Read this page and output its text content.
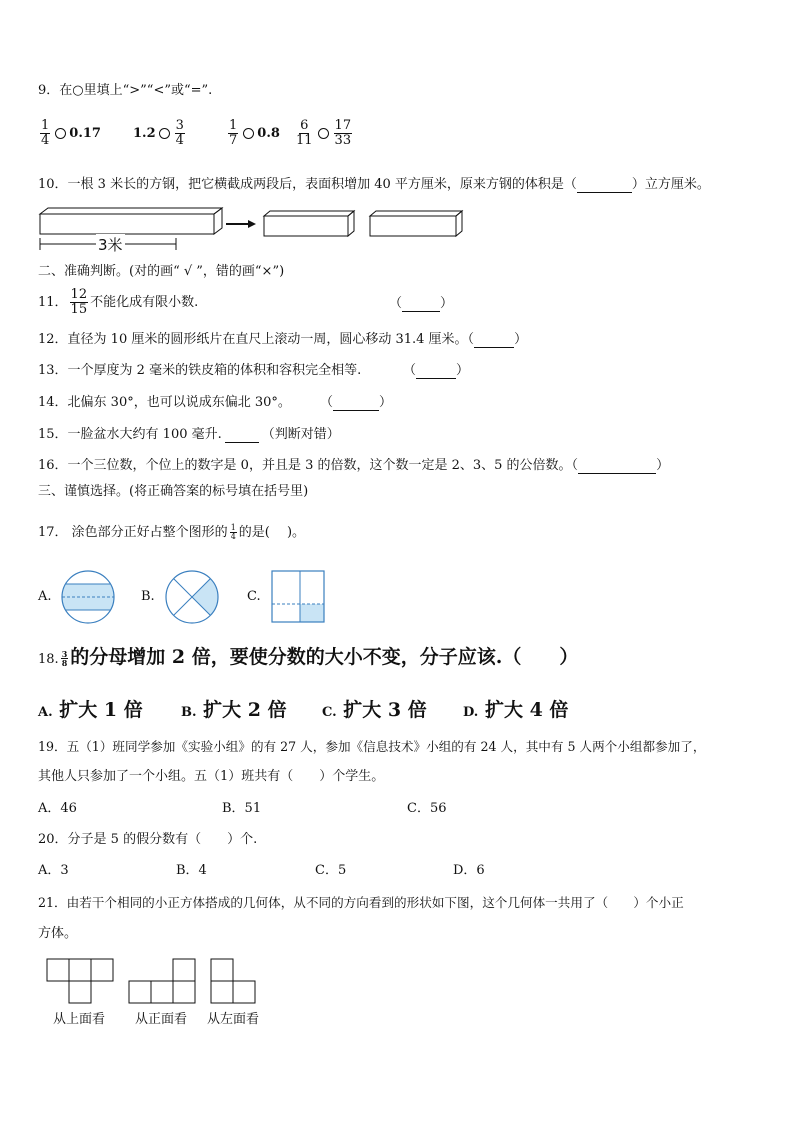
9．在○里填上“>”“<”或“=”.
$\frac{1}{4} 0.17$ $1.2 \frac{3}{4}$	$\frac{1}{7} 0.8 \frac{6}{11} \frac{17}{33}$
10．一根 3 米长的方钢，把它横截成两段后，表面积增加 40 平方厘米，原来方钢的体积是（	）立方厘米。
3米
二、准确判断。(对的画“ √ ”，错的画“×”)
11． $\frac{12}{15}$ 不能化成有限小数.	（	）
12．直径为 10 厘米的圆形纸片在直尺上滚动一周，圆心移动 31.4 厘米。（	）
13．一个厚度为 2 毫米的铁皮箱的体积和容积完全相等.	（	）
14．北偏东 30°，也可以说成东偏北 30°。 （	）
15．一脸盆水大约有 100 毫升.	（判断对错）
16．一个三位数，个位上的数字是 0，并且是 3 的倍数，这个数一定是 2、3、5 的公倍数。（	）
三、谨慎选择。(将正确答案的标号填在括号里)
17． 涂色部分正好占整个图形的 $\frac{1}{4}$ 的是(　 )。
A.	B.	C.
18. $\frac{3}{8}$ 的分母增加 2 倍，要使分数的大小不变，分子应该.（　　）
A. 扩大 1 倍	B. 扩大 2 倍	C. 扩大 3 倍	D. 扩大 4 倍
19．五（1）班同学参加《实验小组》的有 27 人，参加《信息技术》小组的有 24 人，其中有 5 人两个小组都参加了，
其他人只参加了一个小组。五（1）班共有（　　）个学生。
A．46	B．51	C．56
20．分子是 5 的假分数有（　　）个.
A．3	B．4	C．5	D．6
21．由若干个相同的小正方体搭成的几何体，从不同的方向看到的形状如下图，这个几何体一共用了（　　）个小正
方体。
从上面看 从正面看 从左面看
